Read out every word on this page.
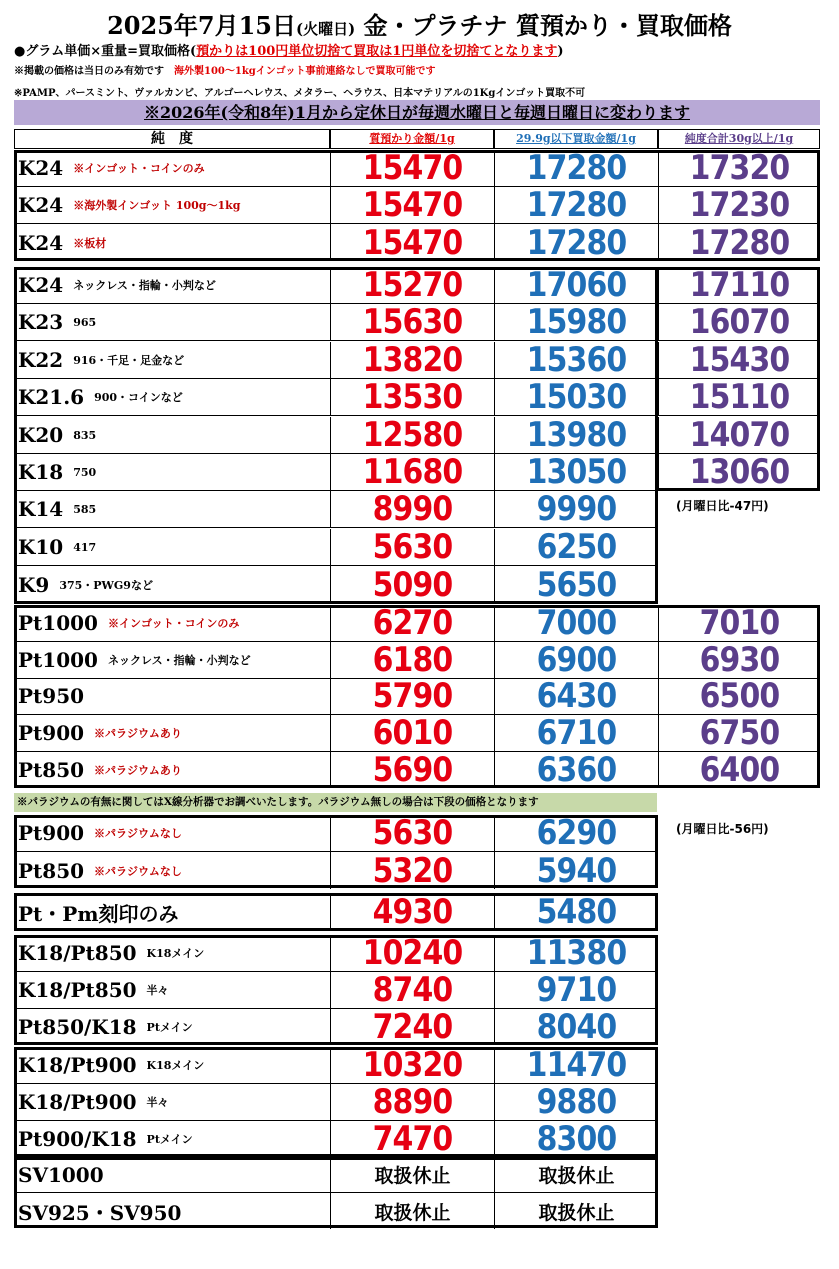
2025年7月15日(火曜日) 金・プラチナ 質預かり・買取価格
●グラム単価×重量=買取価格(預かりは100円単位切捨て買取は1円単位を切捨てとなります)
※掲載の価格は当日のみ有効です　 海外製100～1kgインゴット事前連絡なしで買取可能です
※PAMP、パースミント、ヴァルカンビ、アルゴーヘレウス、メタラー、ヘラウス、日本マテリアルの1Kgインゴット買取不可
※2026年(令和8年)1月から定休日が毎週水曜日と毎週日曜日に変わります
純　度	質預かり金額/1g	29.9g以下買取金額/1g	純度合計30g以上/1g
(月曜日比-47円)
(月曜日比-56円)
※パラジウムの有無に関してはX線分析器でお調べいたします。パラジウム無しの場合は下段の価格となります
K24 ※インゴット・コインのみ	15470	17280	17320
K24 ※海外製インゴット 100g～1kg	15470	17280	17230
K24 ※板材	15470	17280	17280
K24 ネックレス・指輪・小判など	15270	17060	17110
K23 965	15630	15980	16070
K22 916・千足・足金など	13820	15360	15430
K21.6 900・コインなど	13530	15030	15110
K20 835	12580	13980	14070
K18 750	11680	13050	13060
K14 585	8990	9990
K10 417	5630	6250
K9 375・PWG9など	5090	5650
Pt1000 ※インゴット・コインのみ	6270	7000	7010
Pt1000 ネックレス・指輪・小判など	6180	6900	6930
Pt950	5790	6430	6500
Pt900 ※パラジウムあり	6010	6710	6750
Pt850 ※パラジウムあり	5690	6360	6400
Pt900 ※パラジウムなし	5630	6290
Pt850 ※パラジウムなし	5320	5940
Pt・Pm刻印のみ	4930	5480
K18/Pt850 K18メイン	10240	11380
K18/Pt850 半々	8740	9710
Pt850/K18 Ptメイン	7240	8040
K18/Pt900 K18メイン	10320	11470
K18/Pt900 半々	8890	9880
Pt900/K18 Ptメイン	7470	8300
SV1000	取扱休止	取扱休止
SV925・SV950	取扱休止	取扱休止
